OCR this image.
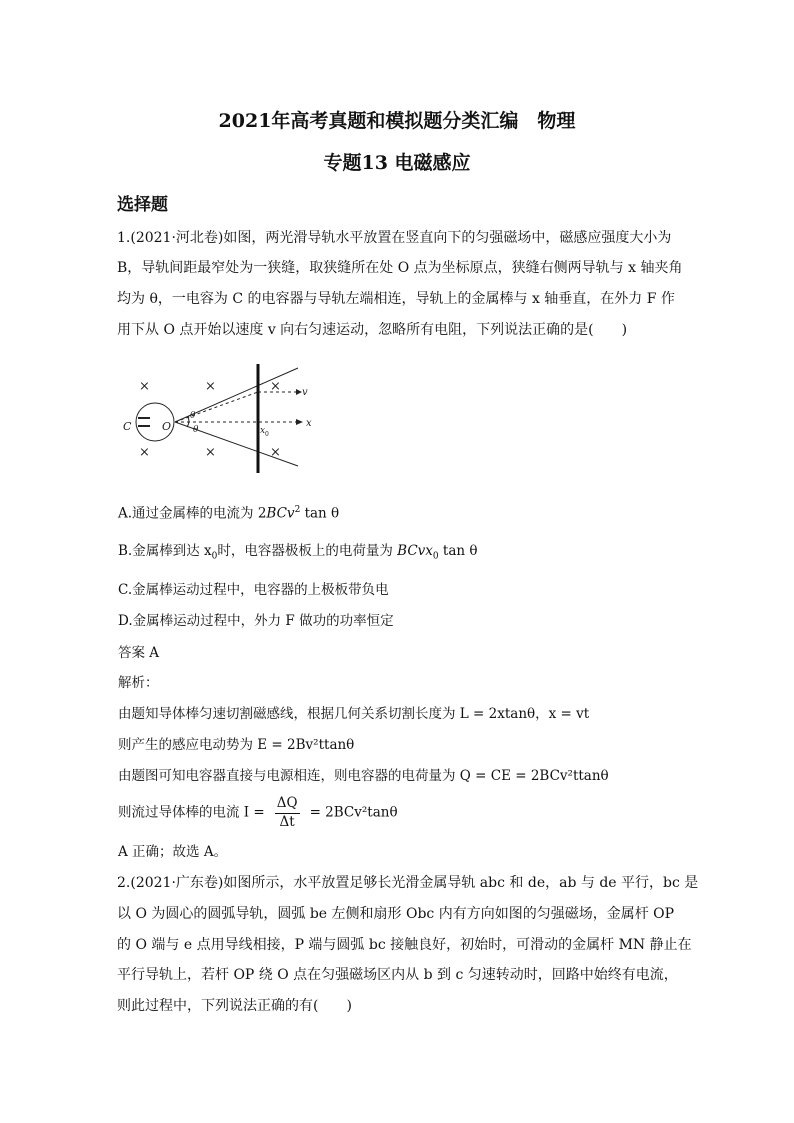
2021年高考真题和模拟题分类汇编　物理
专题13 电磁感应
选择题
1.(2021·河北卷)如图，两光滑导轨水平放置在竖直向下的匀强磁场中，磁感应强度大小为
B，导轨间距最窄处为一狭缝，取狭缝所在处 O 点为坐标原点，狭缝右侧两导轨与 x 轴夹角
均为 θ，一电容为 C 的电容器与导轨左端相连，导轨上的金属棒与 x 轴垂直，在外力 F 作
用下从 O 点开始以速度 v 向右匀速运动，忽略所有电阻，下列说法正确的是(　　)
×	×	×
×	×	×
C	O
θ
θ
v
x
x 0
A.通过金属棒的电流为 2BCv$^2$ tan θ
B.金属棒到达 $x_0$时，电容器极板上的电荷量为 BCvx$_0$ tan θ
C.金属棒运动过程中，电容器的上极板带负电
D.金属棒运动过程中，外力 F 做功的功率恒定
答案 A
解析：
由题知导体棒匀速切割磁感线，根据几何关系切割长度为 L = 2xtanθ，x = vt
则产生的感应电动势为 E = 2Bv²ttanθ
由题图可知电容器直接与电源相连，则电容器的电荷量为 Q = CE = 2BCv²ttanθ
则流过导体棒的电流 $I = \frac{\Delta Q}{\Delta t} = 2BCv^2\tan\theta$
A 正确；故选 A。
2.(2021·广东卷)如图所示，水平放置足够长光滑金属导轨 abc 和 de，ab 与 de 平行，bc 是
以 O 为圆心的圆弧导轨，圆弧 be 左侧和扇形 Obc 内有方向如图的匀强磁场，金属杆 OP
的 O 端与 e 点用导线相接，P 端与圆弧 bc 接触良好，初始时，可滑动的金属杆 MN 静止在
平行导轨上，若杆 OP 绕 O 点在匀强磁场区内从 b 到 c 匀速转动时，回路中始终有电流，
则此过程中，下列说法正确的有(　　)
